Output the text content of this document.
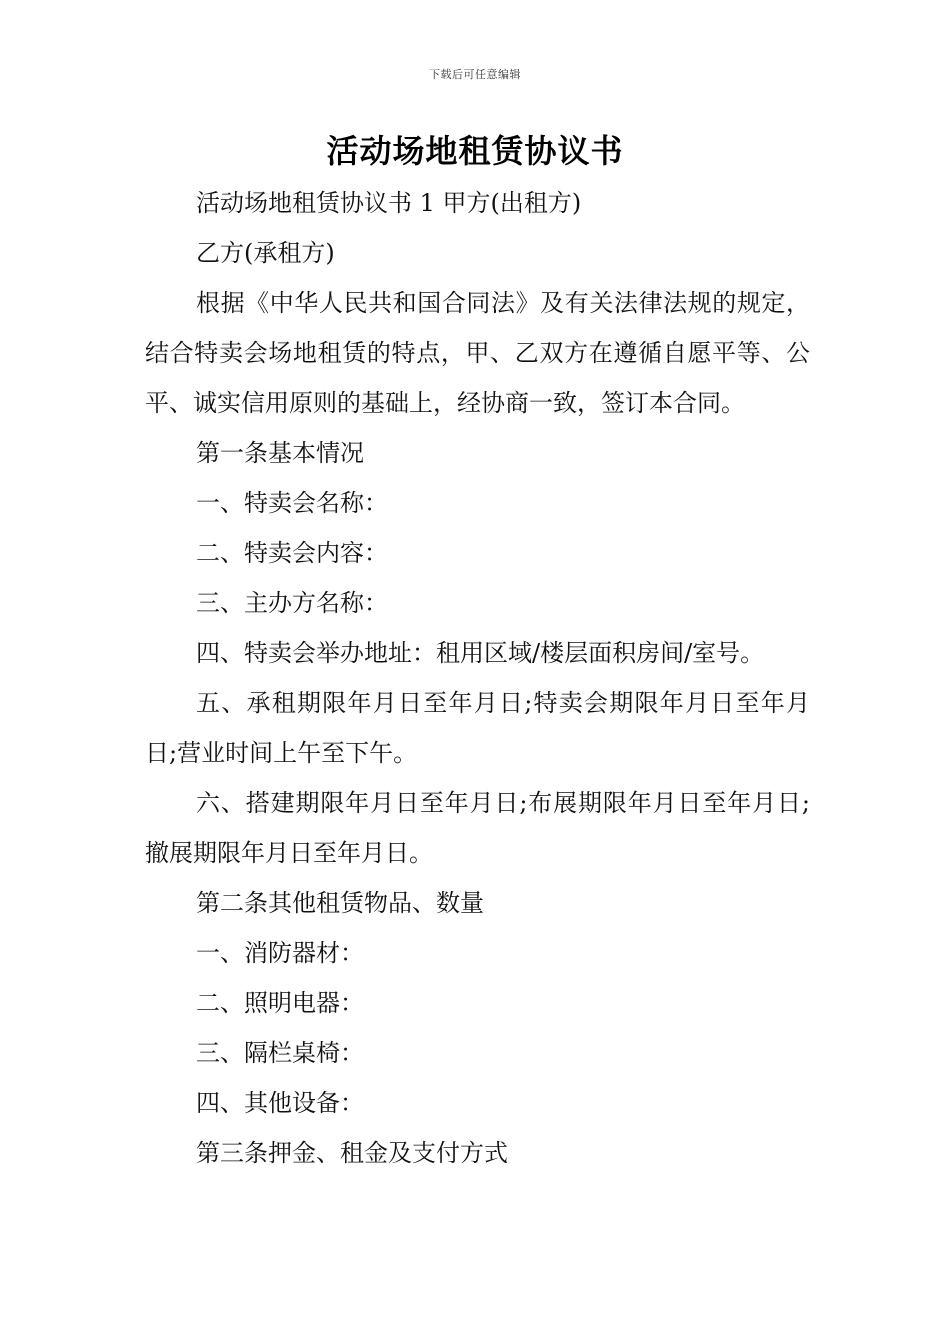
下载后可任意编辑
活动场地租赁协议书

活动场地租赁协议书 1 甲方(出租方)

乙方(承租方)

根据《中华人民共和国合同法》及有关法律法规的规定，结合特卖会场地租赁的特点，甲、乙双方在遵循自愿平等、公平、诚实信用原则的基础上，经协商一致，签订本合同。

第一条基本情况

一、特卖会名称：

二、特卖会内容：

三、主办方名称：

四、特卖会举办地址：租用区域/楼层面积房间/室号。

五、承租期限年月日至年月日;特卖会期限年月日至年月日;营业时间上午至下午。

六、搭建期限年月日至年月日;布展期限年月日至年月日;撤展期限年月日至年月日。

第二条其他租赁物品、数量

一、消防器材：

二、照明电器：

三、隔栏桌椅：

四、其他设备：

第三条押金、租金及支付方式
